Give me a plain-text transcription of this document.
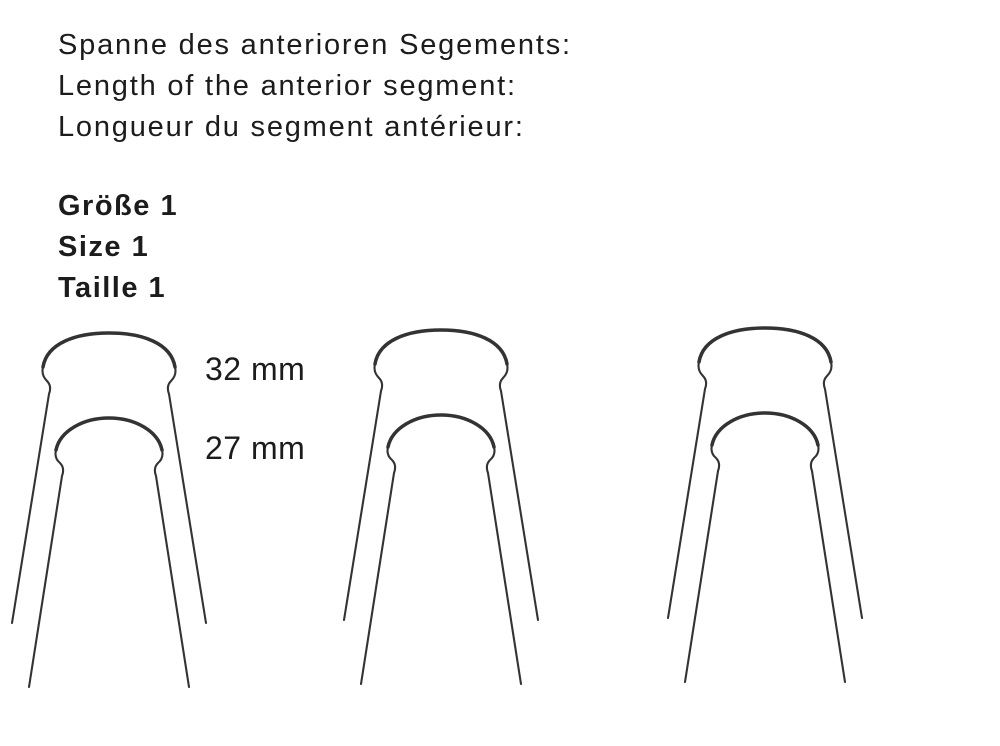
Spanne des anterioren Segements:
Length of the anterior segment:
Longueur du segment antérieur:
Größe 1
Size 1
Taille 1
32 mm
27 mm
